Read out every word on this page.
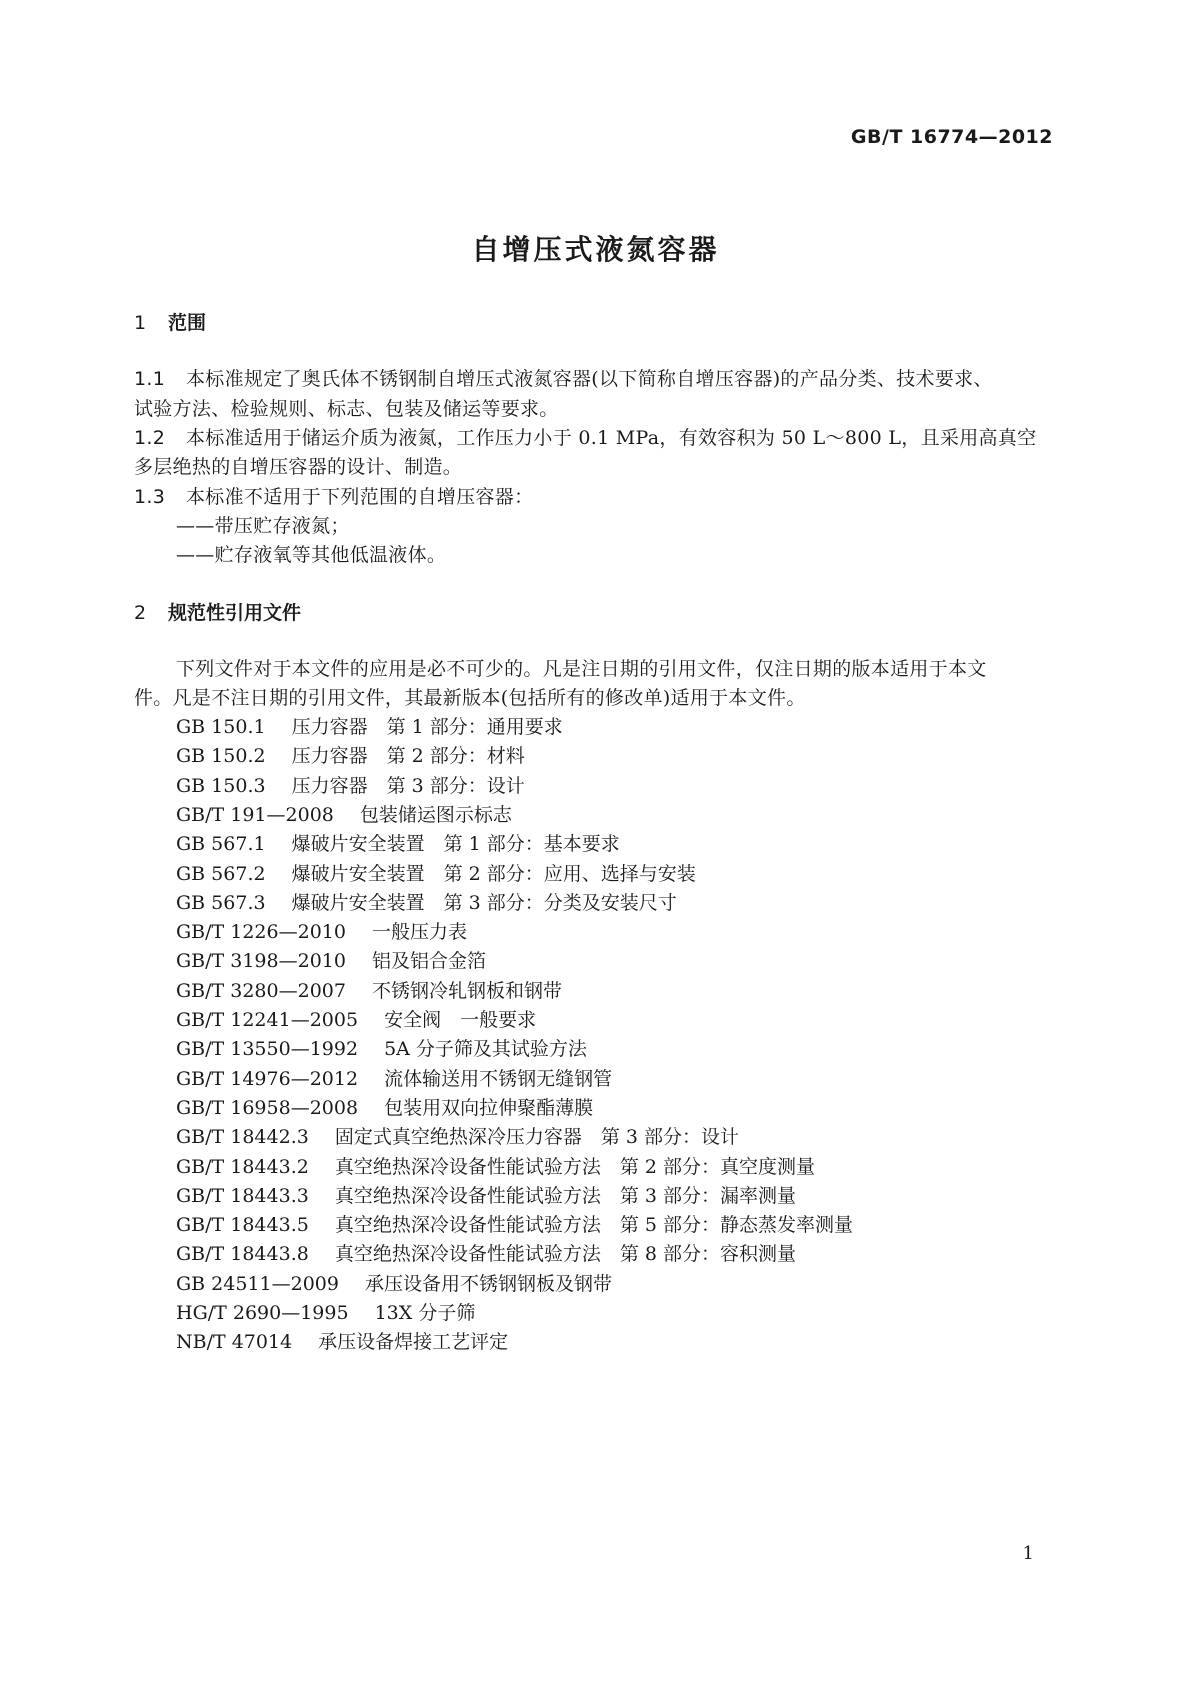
GB/T 16774—2012
自增压式液氮容器
1 范围
1.1 本标准规定了奥氏体不锈钢制自增压式液氮容器(以下简称自增压容器)的产品分类、技术要求、
试验方法、检验规则、标志、包装及储运等要求。
1.2 本标准适用于储运介质为液氮，工作压力小于 0.1 MPa，有效容积为 50 L～800 L，且采用高真空
多层绝热的自增压容器的设计、制造。
1.3 本标准不适用于下列范围的自增压容器：
——带压贮存液氮；
——贮存液氧等其他低温液体。
2 规范性引用文件
下列文件对于本文件的应用是必不可少的。凡是注日期的引用文件，仅注日期的版本适用于本文
件。凡是不注日期的引用文件，其最新版本(包括所有的修改单)适用于本文件。
GB 150.1 压力容器　第 1 部分：通用要求
GB 150.2 压力容器　第 2 部分：材料
GB 150.3 压力容器　第 3 部分：设计
GB/T 191—2008 包装储运图示标志
GB 567.1 爆破片安全装置　第 1 部分：基本要求
GB 567.2 爆破片安全装置　第 2 部分：应用、选择与安装
GB 567.3 爆破片安全装置　第 3 部分：分类及安装尺寸
GB/T 1226—2010 一般压力表
GB/T 3198—2010 铝及铝合金箔
GB/T 3280—2007 不锈钢冷轧钢板和钢带
GB/T 12241—2005 安全阀　一般要求
GB/T 13550—1992 5A 分子筛及其试验方法
GB/T 14976—2012 流体输送用不锈钢无缝钢管
GB/T 16958—2008 包装用双向拉伸聚酯薄膜
GB/T 18442.3 固定式真空绝热深冷压力容器　第 3 部分：设计
GB/T 18443.2 真空绝热深冷设备性能试验方法　第 2 部分：真空度测量
GB/T 18443.3 真空绝热深冷设备性能试验方法　第 3 部分：漏率测量
GB/T 18443.5 真空绝热深冷设备性能试验方法　第 5 部分：静态蒸发率测量
GB/T 18443.8 真空绝热深冷设备性能试验方法　第 8 部分：容积测量
GB 24511—2009 承压设备用不锈钢钢板及钢带
HG/T 2690—1995 13X 分子筛
NB/T 47014 承压设备焊接工艺评定
1
